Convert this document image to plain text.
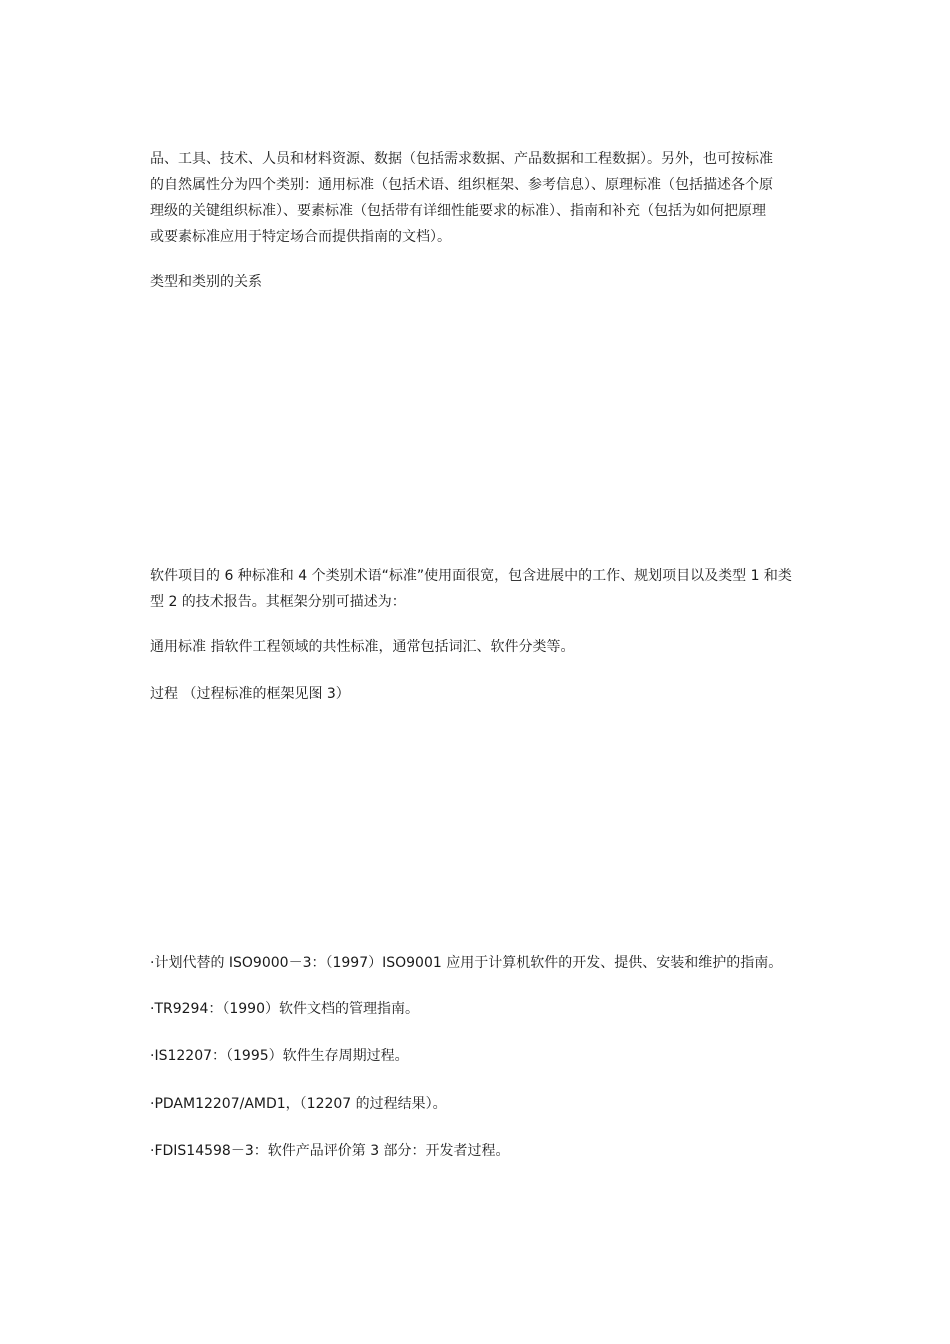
品、工具、技术、人员和材料资源、数据（包括需求数据、产品数据和工程数据）。另外，也可按标准
的自然属性分为四个类别：通用标准（包括术语、组织框架、参考信息）、原理标准（包括描述各个原
理级的关键组织标准）、要素标准（包括带有详细性能要求的标准）、指南和补充（包括为如何把原理
或要素标准应用于特定场合而提供指南的文档）。

类型和类别的关系

软件项目的 6 种标准和 4 个类别术语“标准”使用面很宽，包含进展中的工作、规划项目以及类型 1 和类
型 2 的技术报告。其框架分别可描述为：

通用标准 指软件工程领域的共性标准，通常包括词汇、软件分类等。

过程 （过程标准的框架见图 3）

·计划代替的 ISO9000－3：（1997）ISO9001 应用于计算机软件的开发、提供、安装和维护的指南。

·TR9294：（1990）软件文档的管理指南。

·IS12207：（1995）软件生存周期过程。

·PDAM12207/AMD1，（12207 的过程结果）。

·FDIS14598－3：软件产品评价第 3 部分：开发者过程。
